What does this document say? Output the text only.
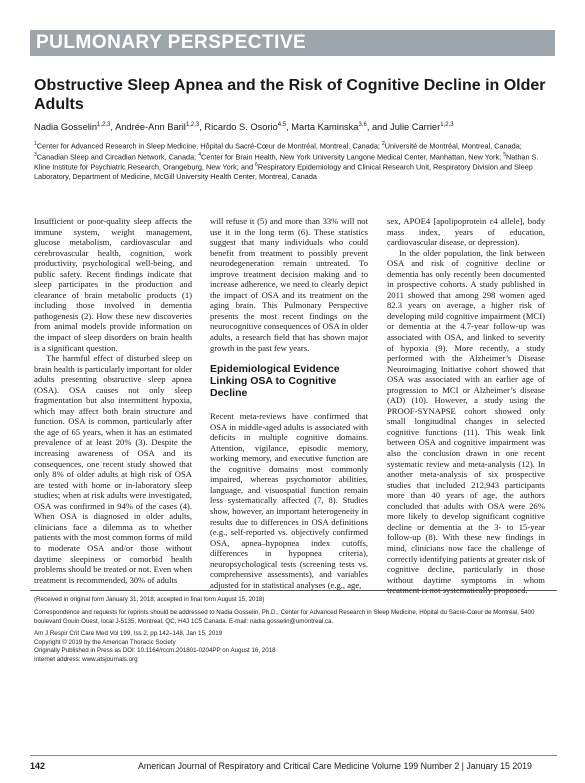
PULMONARY PERSPECTIVE
Obstructive Sleep Apnea and the Risk of Cognitive Decline in Older Adults
Nadia Gosselin$^{1,2,3}$, Andrée-Ann Baril$^{1,2,3}$, Ricardo S. Osorio$^{4,5}$, Marta Kaminska$^{3,6}$, and Julie Carrier$^{1,2,3}$
$^1$Center for Advanced Research in Sleep Medicine, Hôpital du Sacré-Cœur de Montréal, Montreal, Canada; $^2$Université de Montréal, Montreal, Canada; $^3$Canadian Sleep and Circadian Network, Canada; $^4$Center for Brain Health, New York University Langone Medical Center, Manhattan, New York; $^5$Nathan S. Kline Institute for Psychiatric Research, Orangeburg, New York; and $^6$Respiratory Epidemiology and Clinical Research Unit, Respiratory Division and Sleep Laboratory, Department of Medicine, McGill University Health Center, Montreal, Canada

Insufficient or poor-quality sleep affects the immune system, weight management, glucose metabolism, cardiovascular and cerebrovascular health, cognition, work productivity, psychological well-being, and public safety. Recent findings indicate that sleep participates in the production and clearance of brain metabolic products (1) including those involved in dementia pathogenesis (2). How these new discoveries from animal models provide information on the impact of sleep disorders on brain health is a significant question.

The harmful effect of disturbed sleep on brain health is particularly important for older adults presenting obstructive sleep apnea (OSA). OSA causes not only sleep fragmentation but also intermittent hypoxia, which may affect both brain structure and function. OSA is common, particularly after the age of 65 years, when it has an estimated prevalence of at least 20% (3). Despite the increasing awareness of OSA and its consequences, one recent study showed that only 8% of older adults at high risk of OSA are tested with home or in-laboratory sleep studies; when at risk adults were investigated, OSA was confirmed in 94% of the cases (4). When OSA is diagnosed in older adults, clinicians face a dilemma as to whether patients with the most common forms of mild to moderate OSA and/or those without daytime sleepiness or comorbid health problems should be treated or not. Even when treatment is recommended, 30% of adults

will refuse it (5) and more than 33% will not use it in the long term (6). These statistics suggest that many individuals who could benefit from treatment to possibly prevent neurodegeneration remain untreated. To improve treatment decision making and to increase adherence, we need to clearly depict the impact of OSA and its treatment on the aging brain. This Pulmonary Perspective presents the most recent findings on the neurocognitive consequences of OSA in older adults, a research field that has shown major growth in the past few years.

Epidemiological Evidence Linking OSA to Cognitive Decline

Recent meta-reviews have confirmed that OSA in middle-aged adults is associated with deficits in multiple cognitive domains. Attention, vigilance, episodic memory, working memory, and executive function are the cognitive domains most commonly impaired, whereas psychomotor abilities, language, and visuospatial function remain less systematically affected (7, 8). Studies show, however, an important heterogeneity in results due to differences in OSA definitions (e.g., self-reported vs. objectively confirmed OSA, apnea–hypopnea index cutoffs, differences in hypopnea criteria), neuropsychological tests (screening tests vs. comprehensive assessments), and variables adjusted for in statistical analyses (e.g., age,

sex, APOE4 [apolipoprotein ε4 allele], body mass index, years of education, cardiovascular disease, or depression).

In the older population, the link between OSA and risk of cognitive decline or dementia has only recently been documented in prospective cohorts. A study published in 2011 showed that among 298 women aged 82.3 years on average, a higher risk of developing mild cognitive impairment (MCI) or dementia at the 4.7-year follow-up was associated with OSA, and linked to severity of hypoxia (9). More recently, a study performed with the Alzheimer’s Disease Neuroimaging Initiative cohort showed that OSA was associated with an earlier age of progression to MCI or Alzheimer’s disease (AD) (10). However, a study using the PROOF-SYNAPSE cohort showed only small longitudinal changes in selected cognitive functions (11). This weak link between OSA and cognitive impairment was also the conclusion drawn in one recent systematic review and meta-analysis (12). In another meta-analysis of six prospective studies that included 212,943 participants more than 40 years of age, the authors concluded that adults with OSA were 26% more likely to develop significant cognitive decline or dementia at the 3- to 15-year follow-up (8). With these new findings in mind, clinicians now face the challenge of correctly identifying patients at greater risk of cognitive decline, particularly in those without daytime symptoms in whom treatment is not systematically proposed.

(Received in original form January 31, 2018; accepted in final form August 15, 2018)
Correspondence and requests for reprints should be addressed to Nadia Gosselin, Ph.D., Center for Advanced Research in Sleep Medicine, Hôpital du Sacré-Cœur de Montréal, 5400 boulevard Gouin Ouest, local J-5135, Montreal, QC, H4J 1C5 Canada. E-mail: nadia.gosselin@umontreal.ca.
Am J Respir Crit Care Med Vol 199, Iss 2, pp 142–148, Jan 15, 2019
Copyright © 2019 by the American Thoracic Society
Originally Published in Press as DOI: 10.1164/rccm.201801-0204PP on August 16, 2018
Internet address: www.atsjournals.org
142	American Journal of Respiratory and Critical Care Medicine Volume 199 Number 2 | January 15 2019
